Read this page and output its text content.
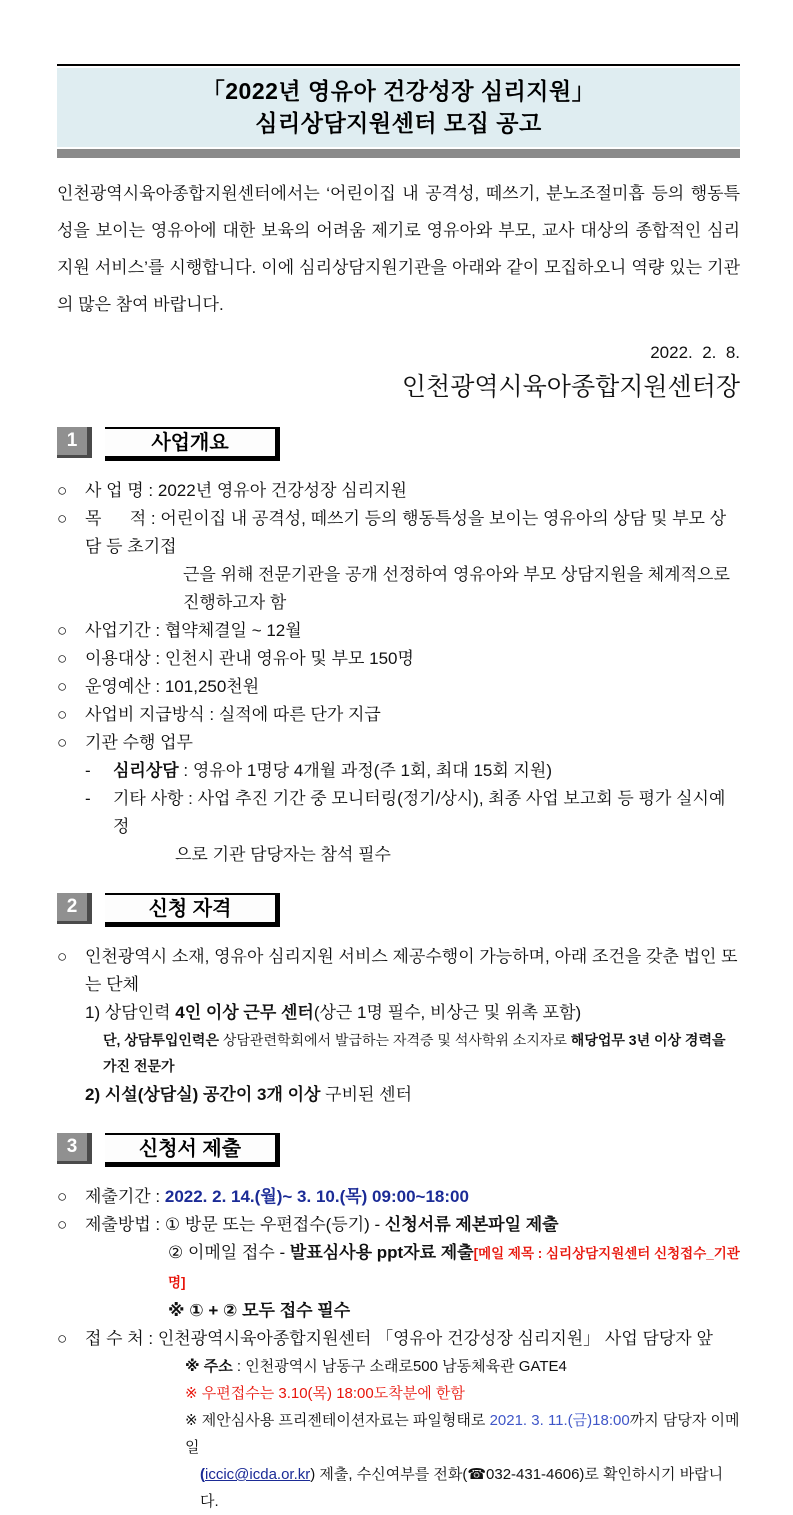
「2022년 영유아 건강성장 심리지원」
심리상담지원센터 모집 공고

인천광역시육아종합지원센터에서는 ‘어린이집 내 공격성, 떼쓰기, 분노조절미흡 등의 행동특성을 보이는 영유아에 대한 보육의 어려움 제기로 영유아와 부모, 교사 대상의 종합적인 심리 지원 서비스’를 시행합니다. 이에 심리상담지원기관을 아래와 같이 모집하오니 역량 있는 기관의 많은 참여 바랍니다.

2022.  2.  8.
인천광역시육아종합지원센터장
1	사업개요
○	사 업 명 : 2022년 영유아 건강성장 심리지원
○	목      적 : 어린이집 내 공격성, 떼쓰기 등의 행동특성을 보이는 영유아의 상담 및 부모 상담 등 초기접
근을 위해 전문기관을 공개 선정하여 영유아와 부모 상담지원을 체계적으로 진행하고자 함
○	사업기간 : 협약체결일 ~ 12월
○	이용대상 : 인천시 관내 영유아 및 부모 150명
○	운영예산 : 101,250천원
○	사업비 지급방식 : 실적에 따른 단가 지급
○	기관 수행 업무
-	심리상담 : 영유아 1명당 4개월 과정(주 1회, 최대 15회 지원)
-	기타 사항 : 사업 추진 기간 중 모니터링(정기/상시), 최종 사업 보고회 등 평가 실시예정
으로 기관 담당자는 참석 필수
2	신청 자격
○	인천광역시 소재, 영유아 심리지원 서비스 제공수행이 가능하며, 아래 조건을 갖춘 법인 또는 단체
1) 상담인력 4인 이상 근무 센터(상근 1명 필수, 비상근 및 위촉 포함)
단, 상담투입인력은 상담관련학회에서 발급하는 자격증 및 석사학위 소지자로 해당업무 3년 이상 경력을 가진 전문가
2) 시설(상담실) 공간이 3개 이상 구비된 센터
3	신청서 제출
○	제출기간 : 2022. 2. 14.(월)~ 3. 10.(목) 09:00~18:00
○	제출방법 : ① 방문 또는 우편접수(등기) - 신청서류 제본파일 제출
② 이메일 접수 - 발표심사용 ppt자료 제출[메일 제목 : 심리상담지원센터 신청접수_기관명]
※ ① + ② 모두 접수 필수
○	접 수 처 : 인천광역시육아종합지원센터 「영유아 건강성장 심리지원」 사업 담당자 앞
※ 주소 : 인천광역시 남동구 소래로500 남동체육관 GATE4
※ 우편접수는 3.10(목) 18:00도착분에 한함
※ 제안심사용 프리젠테이션자료는 파일형태로 2021. 3. 11.(금)18:00까지 담당자 이메일
(iccic@icda.or.kr) 제출, 수신여부를 전화(☎032-431-4606)로 확인하시기 바랍니다.
